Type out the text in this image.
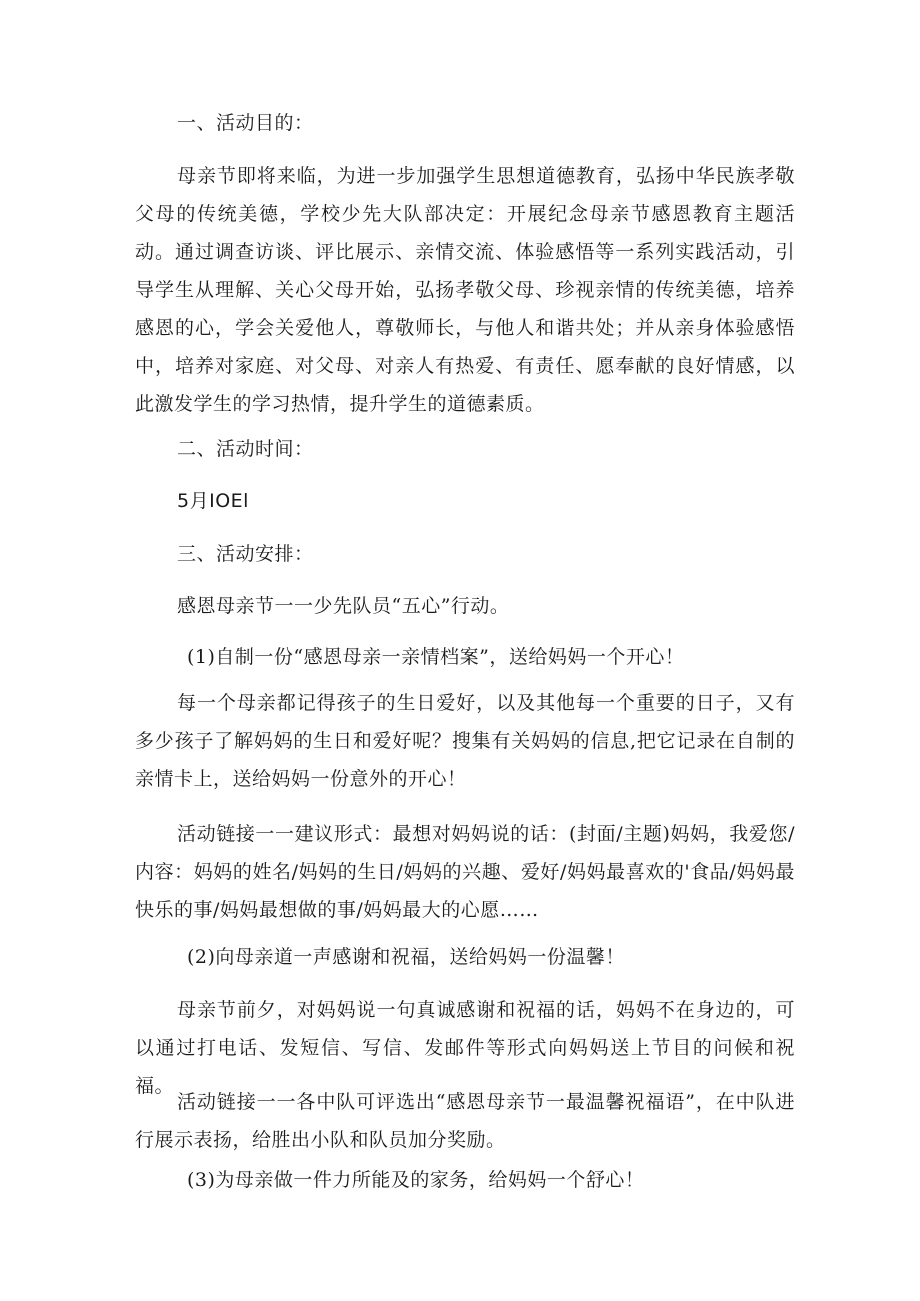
一、活动目的：

母亲节即将来临，为进一步加强学生思想道德教育，弘扬中华民族孝敬父母的传统美德，学校少先大队部决定：开展纪念母亲节感恩教育主题活动。通过调查访谈、评比展示、亲情交流、体验感悟等一系列实践活动，引导学生从理解、关心父母开始，弘扬孝敬父母、珍视亲情的传统美德，培养感恩的心，学会关爱他人，尊敬师长，与他人和谐共处；并从亲身体验感悟中，培养对家庭、对父母、对亲人有热爱、有责任、愿奉献的良好情感，以此激发学生的学习热情，提升学生的道德素质。

二、活动时间：

5月IOEl

三、活动安排：

感恩母亲节一一少先队员“五心”行动。

(1)自制一份“感恩母亲一亲情档案”，送给妈妈一个开心！

每一个母亲都记得孩子的生日爱好，以及其他每一个重要的日子，又有多少孩子了解妈妈的生日和爱好呢？搜集有关妈妈的信息,把它记录在自制的亲情卡上，送给妈妈一份意外的开心！

活动链接一一建议形式：最想对妈妈说的话：(封面/主题)妈妈，我爱您/内容：妈妈的姓名/妈妈的生日/妈妈的兴趣、爱好/妈妈最喜欢的'食品/妈妈最快乐的事/妈妈最想做的事/妈妈最大的心愿……

(2)向母亲道一声感谢和祝福，送给妈妈一份温馨！

母亲节前夕，对妈妈说一句真诚感谢和祝福的话，妈妈不在身边的，可以通过打电话、发短信、写信、发邮件等形式向妈妈送上节目的问候和祝福。

活动链接一一各中队可评选出“感恩母亲节一最温馨祝福语”，在中队进行展示表扬，给胜出小队和队员加分奖励。

(3)为母亲做一件力所能及的家务，给妈妈一个舒心！
